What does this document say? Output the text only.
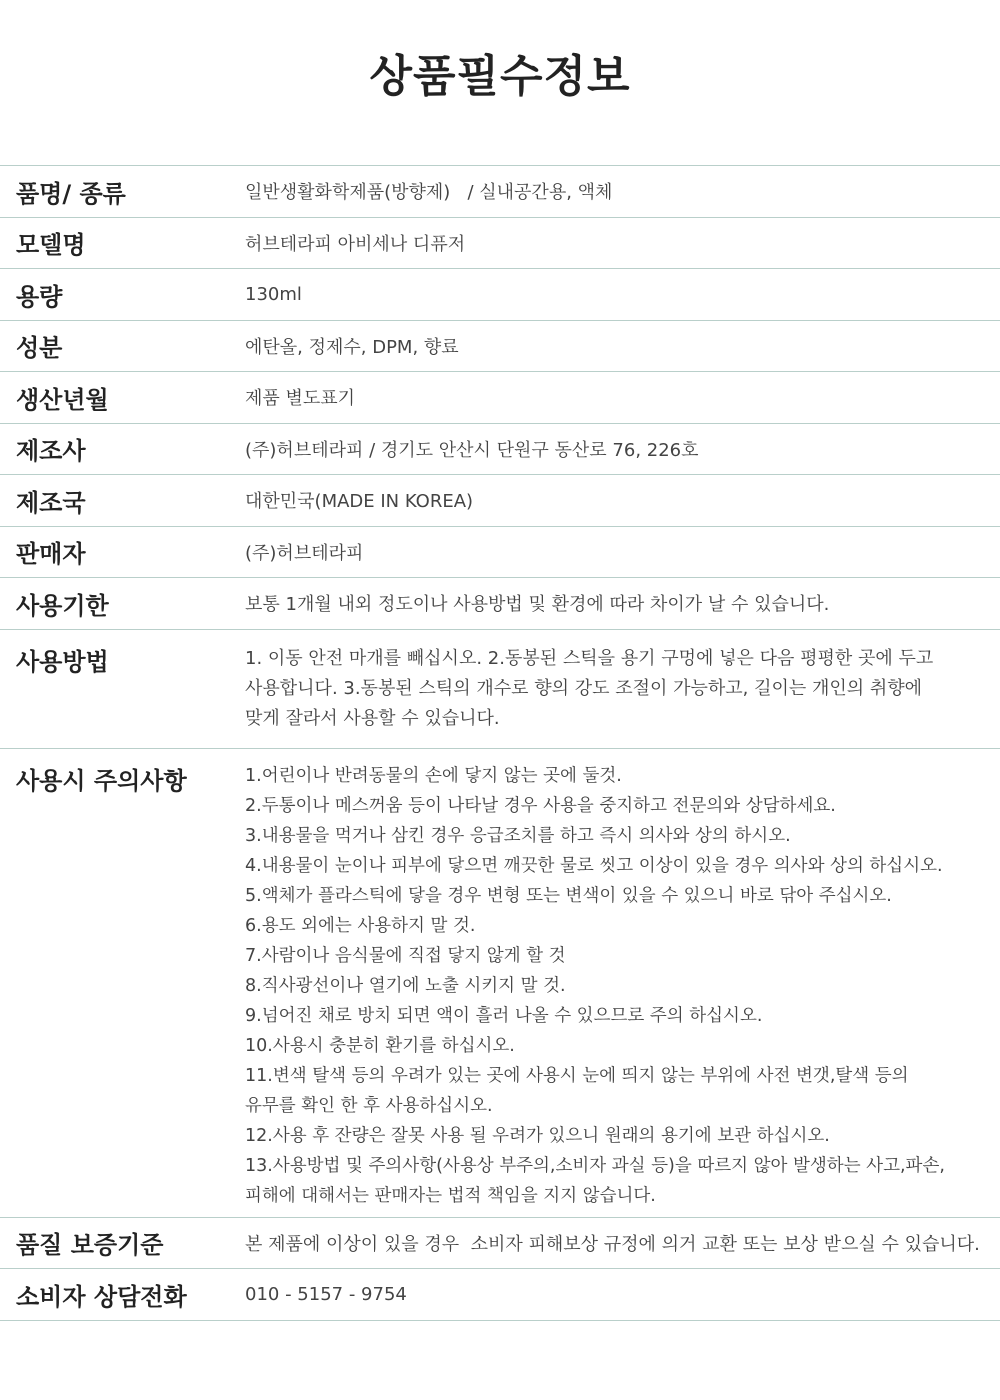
상품필수정보
품명/ 종류	일반생활화학제품(방향제)   / 실내공간용, 액체
모델명	허브테라피 아비세나 디퓨저
용량	130ml
성분	에탄올, 정제수, DPM, 향료
생산년월	제품 별도표기
제조사	(주)허브테라피 / 경기도 안산시 단원구 동산로 76, 226호
제조국	대한민국(MADE IN KOREA)
판매자	(주)허브테라피
사용기한	보통 1개월 내외 정도이나 사용방법 및 환경에 따라 차이가 날 수 있습니다.
사용방법	1. 이동 안전 마개를 빼십시오. 2.동봉된 스틱을 용기 구멍에 넣은 다음 평평한 곳에 두고
사용합니다. 3.동봉된 스틱의 개수로 향의 강도 조절이 가능하고, 길이는 개인의 취향에
맞게 잘라서 사용할 수 있습니다.
사용시 주의사항	1.어린이나 반려동물의 손에 닿지 않는 곳에 둘것.
2.두통이나 메스꺼움 등이 나타날 경우 사용을 중지하고 전문의와 상담하세요.
3.내용물을 먹거나 삼킨 경우 응급조치를 하고 즉시 의사와 상의 하시오.
4.내용물이 눈이나 피부에 닿으면 깨끗한 물로 씻고 이상이 있을 경우 의사와 상의 하십시오.
5.액체가 플라스틱에 닿을 경우 변형 또는 변색이 있을 수 있으니 바로 닦아 주십시오.
6.용도 외에는 사용하지 말 것.
7.사람이나 음식물에 직접 닿지 않게 할 것
8.직사광선이나 열기에 노출 시키지 말 것.
9.넘어진 채로 방치 되면 액이 흘러 나올 수 있으므로 주의 하십시오.
10.사용시 충분히 환기를 하십시오.
11.변색 탈색 등의 우려가 있는 곳에 사용시 눈에 띄지 않는 부위에 사전 변갯,탈색 등의
유무를 확인 한 후 사용하십시오.
12.사용 후 잔량은 잘못 사용 될 우려가 있으니 원래의 용기에 보관 하십시오.
13.사용방법 및 주의사항(사용상 부주의,소비자 과실 등)을 따르지 않아 발생하는 사고,파손,
피해에 대해서는 판매자는 법적 책임을 지지 않습니다.
품질 보증기준	본 제품에 이상이 있을 경우  소비자 피해보상 규정에 의거 교환 또는 보상 받으실 수 있습니다.
소비자 상담전화	010 - 5157 - 9754
